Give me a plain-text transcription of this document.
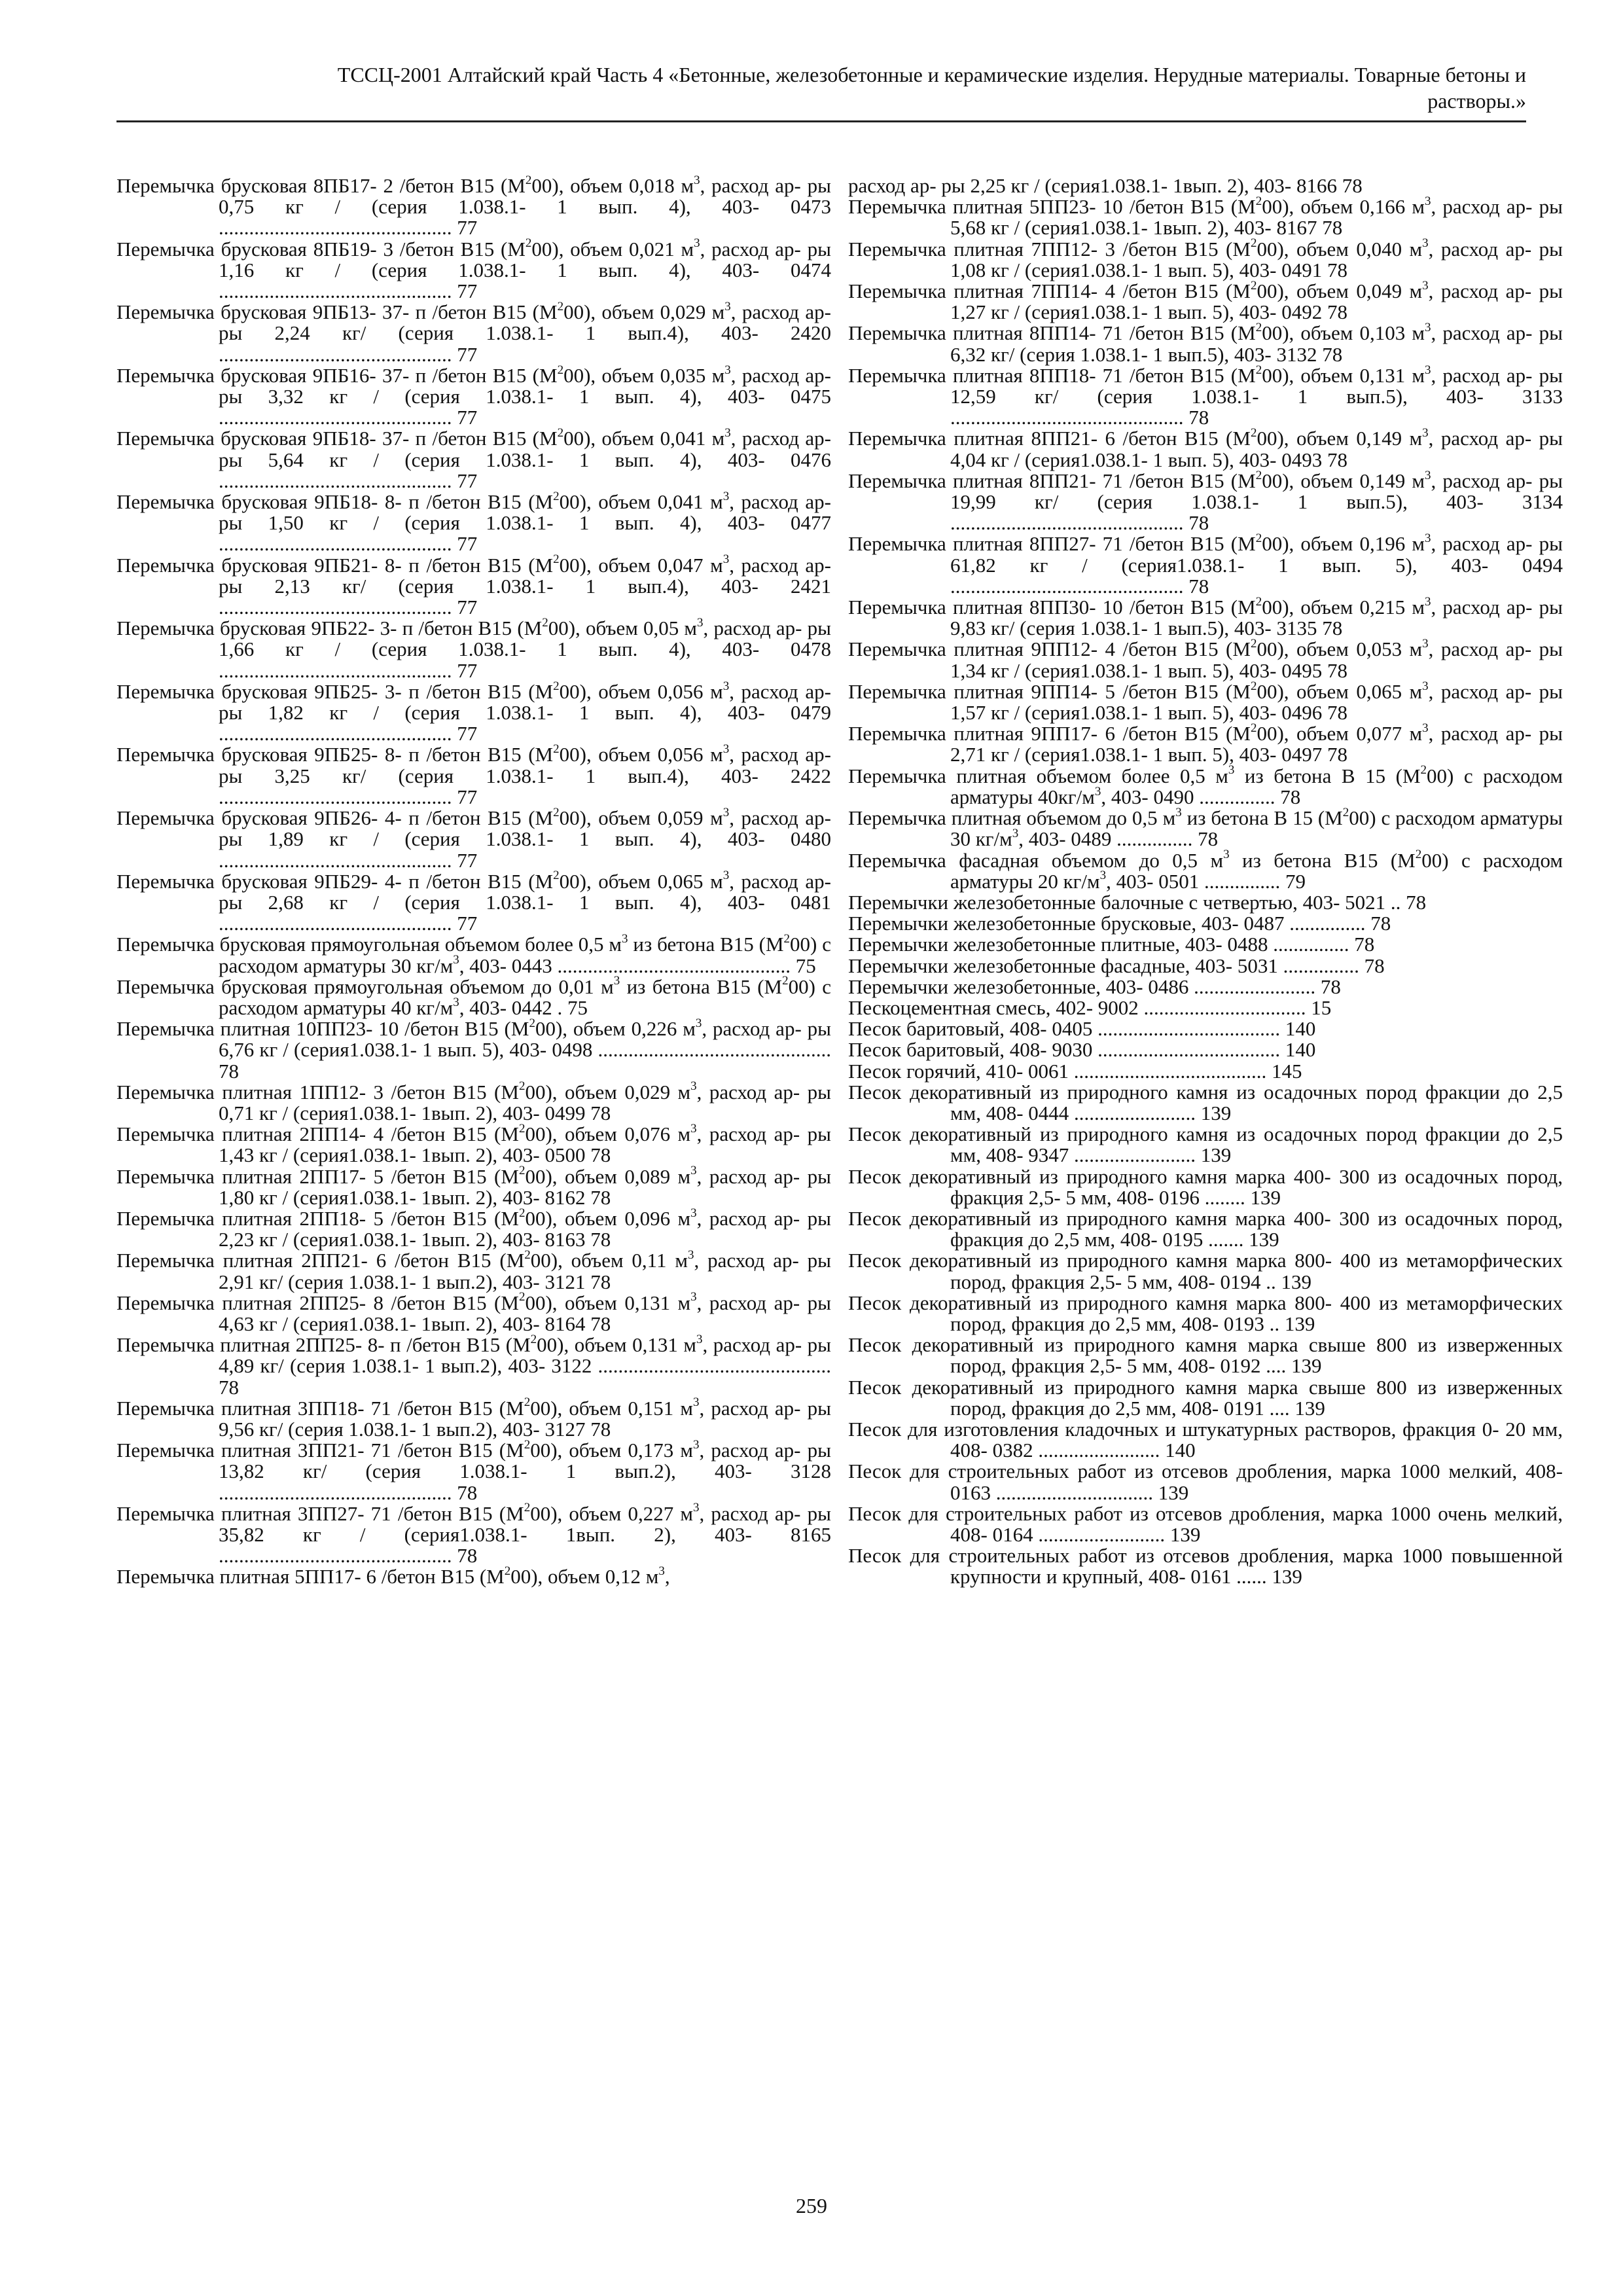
ТССЦ-2001 Алтайский край Часть 4 «Бетонные, железобетонные и керамические изделия. Нерудные материалы. Товарные бетоны и
растворы.»

Перемычка брусковая 8ПБ17- 2 /бетон В15 $(М^200)$, объем 0,018 $м^3$, расход ар- ры 0,75 кг / (серия 1.038.1- 1 вып. 4), 403- 0473 .............................................. 77

Перемычка брусковая 8ПБ19- 3 /бетон В15 $(М^200)$, объем 0,021 $м^3$, расход ар- ры 1,16 кг / (серия 1.038.1- 1 вып. 4), 403- 0474 .............................................. 77

Перемычка брусковая 9ПБ13- 37- п /бетон В15 $(М^200)$, объем 0,029 $м^3$, расход ар- ры 2,24 кг/ (серия 1.038.1- 1 вып.4), 403- 2420 .............................................. 77

Перемычка брусковая 9ПБ16- 37- п /бетон В15 $(М^200)$, объем 0,035 $м^3$, расход ар- ры 3,32 кг / (серия 1.038.1- 1 вып. 4), 403- 0475 .............................................. 77

Перемычка брусковая 9ПБ18- 37- п /бетон В15 $(М^200)$, объем 0,041 $м^3$, расход ар- ры 5,64 кг / (серия 1.038.1- 1 вып. 4), 403- 0476 .............................................. 77

Перемычка брусковая 9ПБ18- 8- п /бетон В15 $(М^200)$, объем 0,041 $м^3$, расход ар- ры 1,50 кг / (серия 1.038.1- 1 вып. 4), 403- 0477 .............................................. 77

Перемычка брусковая 9ПБ21- 8- п /бетон В15 $(М^200)$, объем 0,047 $м^3$, расход ар- ры 2,13 кг/ (серия 1.038.1- 1 вып.4), 403- 2421 .............................................. 77

Перемычка брусковая 9ПБ22- 3- п /бетон В15 $(М^200)$, объем 0,05 $м^3$, расход ар- ры 1,66 кг / (серия 1.038.1- 1 вып. 4), 403- 0478 .............................................. 77

Перемычка брусковая 9ПБ25- 3- п /бетон В15 $(М^200)$, объем 0,056 $м^3$, расход ар- ры 1,82 кг / (серия 1.038.1- 1 вып. 4), 403- 0479 .............................................. 77

Перемычка брусковая 9ПБ25- 8- п /бетон В15 $(М^200)$, объем 0,056 $м^3$, расход ар- ры 3,25 кг/ (серия 1.038.1- 1 вып.4), 403- 2422 .............................................. 77

Перемычка брусковая 9ПБ26- 4- п /бетон В15 $(М^200)$, объем 0,059 $м^3$, расход ар- ры 1,89 кг / (серия 1.038.1- 1 вып. 4), 403- 0480 .............................................. 77

Перемычка брусковая 9ПБ29- 4- п /бетон В15 $(М^200)$, объем 0,065 $м^3$, расход ар- ры 2,68 кг / (серия 1.038.1- 1 вып. 4), 403- 0481 .............................................. 77

Перемычка брусковая прямоугольная объемом более 0,5 $м^3$ из бетона В15 $(М^200)$ с расходом арматуры 30 $кг/м^3$, 403- 0443 .............................................. 75

Перемычка брусковая прямоугольная объемом до 0,01 $м^3$ из бетона В15 $(М^200)$ с расходом арматуры 40 $кг/м^3$, 403- 0442 . 75

Перемычка плитная 10ПП23- 10 /бетон В15 $(М^200)$, объем 0,226 $м^3$, расход ар- ры 6,76 кг / (серия1.038.1- 1 вып. 5), 403- 0498 .............................................. 78

Перемычка плитная 1ПП12- 3 /бетон В15 $(М^200)$, объем 0,029 $м^3$, расход ар- ры 0,71 кг / (серия1.038.1- 1вып. 2), 403- 0499 78

Перемычка плитная 2ПП14- 4 /бетон В15 $(М^200)$, объем 0,076 $м^3$, расход ар- ры 1,43 кг / (серия1.038.1- 1вып. 2), 403- 0500 78

Перемычка плитная 2ПП17- 5 /бетон В15 $(М^200)$, объем 0,089 $м^3$, расход ар- ры 1,80 кг / (серия1.038.1- 1вып. 2), 403- 8162 78

Перемычка плитная 2ПП18- 5 /бетон В15 $(М^200)$, объем 0,096 $м^3$, расход ар- ры 2,23 кг / (серия1.038.1- 1вып. 2), 403- 8163 78

Перемычка плитная 2ПП21- 6 /бетон В15 $(М^200)$, объем 0,11 $м^3$, расход ар- ры 2,91 кг/ (серия 1.038.1- 1 вып.2), 403- 3121 78

Перемычка плитная 2ПП25- 8 /бетон В15 $(М^200)$, объем 0,131 $м^3$, расход ар- ры 4,63 кг / (серия1.038.1- 1вып. 2), 403- 8164 78

Перемычка плитная 2ПП25- 8- п /бетон В15 $(М^200)$, объем 0,131 $м^3$, расход ар- ры 4,89 кг/ (серия 1.038.1- 1 вып.2), 403- 3122 .............................................. 78

Перемычка плитная 3ПП18- 71 /бетон В15 $(М^200)$, объем 0,151 $м^3$, расход ар- ры 9,56 кг/ (серия 1.038.1- 1 вып.2), 403- 3127 78

Перемычка плитная 3ПП21- 71 /бетон В15 $(М^200)$, объем 0,173 $м^3$, расход ар- ры 13,82 кг/ (серия 1.038.1- 1 вып.2), 403- 3128 .............................................. 78

Перемычка плитная 3ПП27- 71 /бетон В15 $(М^200)$, объем 0,227 $м^3$, расход ар- ры 35,82 кг / (серия1.038.1- 1вып. 2), 403- 8165 .............................................. 78

Перемычка плитная 5ПП17- 6 /бетон В15 $(М^200)$, объем 0,12 $м^3$,

расход ар- ры 2,25 кг / (серия1.038.1- 1вып. 2), 403- 8166 78

Перемычка плитная 5ПП23- 10 /бетон В15 $(М^200)$, объем 0,166 $м^3$, расход ар- ры 5,68 кг / (серия1.038.1- 1вып. 2), 403- 8167 78

Перемычка плитная 7ПП12- 3 /бетон В15 $(М^200)$, объем 0,040 $м^3$, расход ар- ры 1,08 кг / (серия1.038.1- 1 вып. 5), 403- 0491 78

Перемычка плитная 7ПП14- 4 /бетон В15 $(М^200)$, объем 0,049 $м^3$, расход ар- ры 1,27 кг / (серия1.038.1- 1 вып. 5), 403- 0492 78

Перемычка плитная 8ПП14- 71 /бетон В15 $(М^200)$, объем 0,103 $м^3$, расход ар- ры 6,32 кг/ (серия 1.038.1- 1 вып.5), 403- 3132 78

Перемычка плитная 8ПП18- 71 /бетон В15 $(М^200)$, объем 0,131 $м^3$, расход ар- ры 12,59 кг/ (серия 1.038.1- 1 вып.5), 403- 3133 .............................................. 78

Перемычка плитная 8ПП21- 6 /бетон В15 $(М^200)$, объем 0,149 $м^3$, расход ар- ры 4,04 кг / (серия1.038.1- 1 вып. 5), 403- 0493 78

Перемычка плитная 8ПП21- 71 /бетон В15 $(М^200)$, объем 0,149 $м^3$, расход ар- ры 19,99 кг/ (серия 1.038.1- 1 вып.5), 403- 3134 .............................................. 78

Перемычка плитная 8ПП27- 71 /бетон В15 $(М^200)$, объем 0,196 $м^3$, расход ар- ры 61,82 кг / (серия1.038.1- 1 вып. 5), 403- 0494 .............................................. 78

Перемычка плитная 8ПП30- 10 /бетон В15 $(М^200)$, объем 0,215 $м^3$, расход ар- ры 9,83 кг/ (серия 1.038.1- 1 вып.5), 403- 3135 78

Перемычка плитная 9ПП12- 4 /бетон В15 $(М^200)$, объем 0,053 $м^3$, расход ар- ры 1,34 кг / (серия1.038.1- 1 вып. 5), 403- 0495 78

Перемычка плитная 9ПП14- 5 /бетон В15 $(М^200)$, объем 0,065 $м^3$, расход ар- ры 1,57 кг / (серия1.038.1- 1 вып. 5), 403- 0496 78

Перемычка плитная 9ПП17- 6 /бетон В15 $(М^200)$, объем 0,077 $м^3$, расход ар- ры 2,71 кг / (серия1.038.1- 1 вып. 5), 403- 0497 78

Перемычка плитная объемом более 0,5 $м^3$ из бетона В 15 $(М^200)$ с расходом арматуры $40кг/м^3$, 403- 0490 ............... 78

Перемычка плитная объемом до 0,5 $м^3$ из бетона В 15 $(М^200)$ с расходом арматуры 30 $кг/м^3$, 403- 0489 ............... 78

Перемычка фасадная объемом до 0,5 $м^3$ из бетона В15 $(М^200)$ с расходом арматуры 20 $кг/м^3$, 403- 0501 ............... 79

Перемычки железобетонные балочные с четвертью, 403- 5021 .. 78

Перемычки железобетонные брусковые, 403- 0487 ............... 78

Перемычки железобетонные плитные, 403- 0488 ............... 78

Перемычки железобетонные фасадные, 403- 5031 ............... 78

Перемычки железобетонные, 403- 0486 ........................ 78

Пескоцементная смесь, 402- 9002 ................................ 15

Песок баритовый, 408- 0405 .................................... 140

Песок баритовый, 408- 9030 .................................... 140

Песок горячий, 410- 0061 ...................................... 145

Песок декоративный из природного камня из осадочных пород фракции до 2,5 мм, 408- 0444 ........................ 139

Песок декоративный из природного камня из осадочных пород фракции до 2,5 мм, 408- 9347 ........................ 139

Песок декоративный из природного камня марка 400- 300 из осадочных пород, фракция 2,5- 5 мм, 408- 0196 ........ 139

Песок декоративный из природного камня марка 400- 300 из осадочных пород, фракция до 2,5 мм, 408- 0195 ....... 139

Песок декоративный из природного камня марка 800- 400 из метаморфических пород, фракция 2,5- 5 мм, 408- 0194 .. 139

Песок декоративный из природного камня марка 800- 400 из метаморфических пород, фракция до 2,5 мм, 408- 0193 .. 139

Песок декоративный из природного камня марка свыше 800 из изверженных пород, фракция 2,5- 5 мм, 408- 0192 .... 139

Песок декоративный из природного камня марка свыше 800 из изверженных пород, фракция до 2,5 мм, 408- 0191 .... 139

Песок для изготовления кладочных и штукатурных растворов, фракция 0- 20 мм, 408- 0382 ........................ 140

Песок для строительных работ из отсевов дробления, марка 1000 мелкий, 408- 0163 ............................... 139

Песок для строительных работ из отсевов дробления, марка 1000 очень мелкий, 408- 0164 ......................... 139

Песок для строительных работ из отсевов дробления, марка 1000 повышенной крупности и крупный, 408- 0161 ...... 139

259
